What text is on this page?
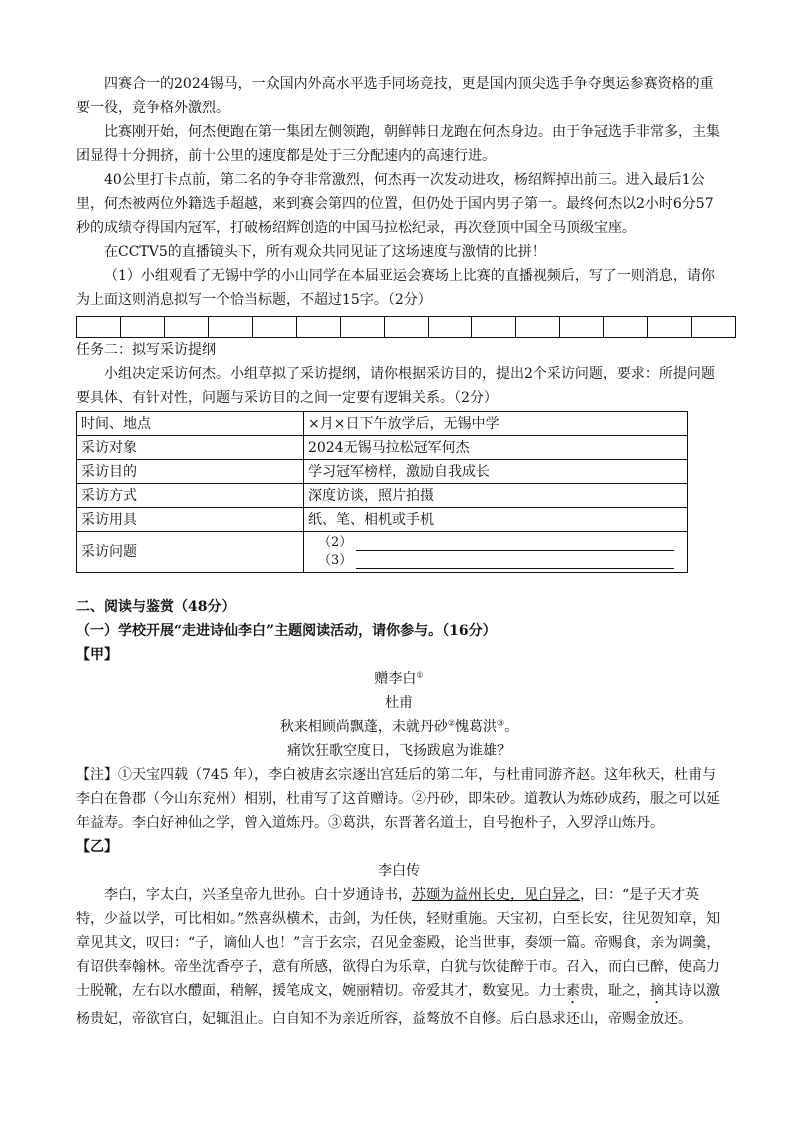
四赛合一的2024锡马，一众国内外高水平选手同场竞技，更是国内顶尖选手争夺奥运参赛资格的重要一役，竞争格外激烈。

比赛刚开始，何杰便跑在第一集团左侧领跑，朝鲜韩日龙跑在何杰身边。由于争冠选手非常多，主集团显得十分拥挤，前十公里的速度都是处于三分配速内的高速行进。

40公里打卡点前，第二名的争夺非常激烈，何杰再一次发动进攻，杨绍辉掉出前三。进入最后1公里，何杰被两位外籍选手超越，来到赛会第四的位置，但仍处于国内男子第一。最终何杰以2小时6分57秒的成绩夺得国内冠军，打破杨绍辉创造的中国马拉松纪录，再次登顶中国全马顶级宝座。

在CCTV5的直播镜头下，所有观众共同见证了这场速度与激情的比拼！

（1）小组观看了无锡中学的小山同学在本届亚运会赛场上比赛的直播视频后，写了一则消息，请你为上面这则消息拟写一个恰当标题，不超过15字。（2分）

任务二：拟写采访提纲

小组决定采访何杰。小组草拟了采访提纲，请你根据采访目的，提出2个采访问题，要求：所提问题要具体、有针对性，问题与采访目的之间一定要有逻辑关系。（2分）

时间、地点	×月×日下午放学后，无锡中学
采访对象	2024无锡马拉松冠军何杰
采访目的	学习冠军榜样，激励自我成长
采访方式	深度访谈，照片拍摄
采访用具	纸、笔、相机或手机
采访问题	（2）
（3）

二、阅读与鉴赏（48分）

（一）学校开展“走进诗仙李白”主题阅读活动，请你参与。（16分）

【甲】

赠李白①

杜甫

秋来相顾尚飘蓬，未就丹砂②愧葛洪③。

痛饮狂歌空度日，飞扬跋扈为谁雄？

【注】①天宝四载（745 年），李白被唐玄宗逐出宫廷后的第二年，与杜甫同游齐赵。这年秋天，杜甫与李白在鲁郡（今山东兖州）相别，杜甫写了这首赠诗。②丹砂，即朱砂。道教认为炼砂成药，服之可以延年益寿。李白好神仙之学，曾入道炼丹。③葛洪，东晋著名道士，自号抱朴子，入罗浮山炼丹。

【乙】

李白传

李白，字太白，兴圣皇帝九世孙。白十岁通诗书，苏颋为益州长史，见白异之，曰：“是子天才英特，少益以学，可比相如。”然喜纵横术，击剑，为任侠，轻财重施。天宝初，白至长安，往见贺知章，知章见其文，叹曰：“子，谪仙人也！”言于玄宗，召见金銮殿，论当世事，奏颂一篇。帝赐食，亲为调羹，有诏供奉翰林。帝坐沈香亭子，意有所感，欲得白为乐章，白犹与饮徒醉于市。召入，而白已醉，使高力士脱靴，左右以水醴面，稍解，援笔成文，婉丽精切。帝爱其才，数宴见。力士素贵，耻之，摘其诗以激杨贵妃，帝欲官白，妃辄沮止。白自知不为亲近所容，益骜放不自修。后白恳求还山，帝赐金放还。
